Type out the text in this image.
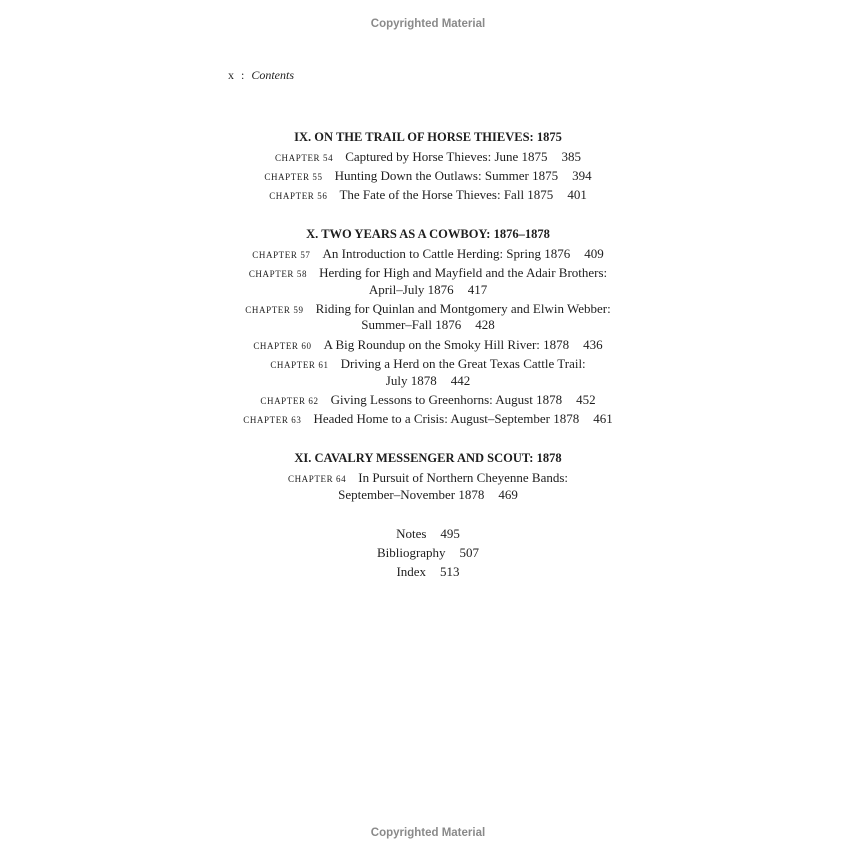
Copyrighted Material
x : Contents
IX. ON THE TRAIL OF HORSE THIEVES: 1875
CHAPTER 54 Captured by Horse Thieves: June 1875 385
CHAPTER 55 Hunting Down the Outlaws: Summer 1875 394
CHAPTER 56 The Fate of the Horse Thieves: Fall 1875 401
X. TWO YEARS AS A COWBOY: 1876–1878
CHAPTER 57 An Introduction to Cattle Herding: Spring 1876 409
CHAPTER 58 Herding for High and Mayfield and the Adair Brothers:
April–July 1876 417
CHAPTER 59 Riding for Quinlan and Montgomery and Elwin Webber:
Summer–Fall 1876 428
CHAPTER 60 A Big Roundup on the Smoky Hill River: 1878 436
CHAPTER 61 Driving a Herd on the Great Texas Cattle Trail:
July 1878 442
CHAPTER 62 Giving Lessons to Greenhorns: August 1878 452
CHAPTER 63 Headed Home to a Crisis: August–September 1878 461
XI. CAVALRY MESSENGER AND SCOUT: 1878
CHAPTER 64 In Pursuit of Northern Cheyenne Bands:
September–November 1878 469
Notes 495
Bibliography 507
Index 513
Copyrighted Material
